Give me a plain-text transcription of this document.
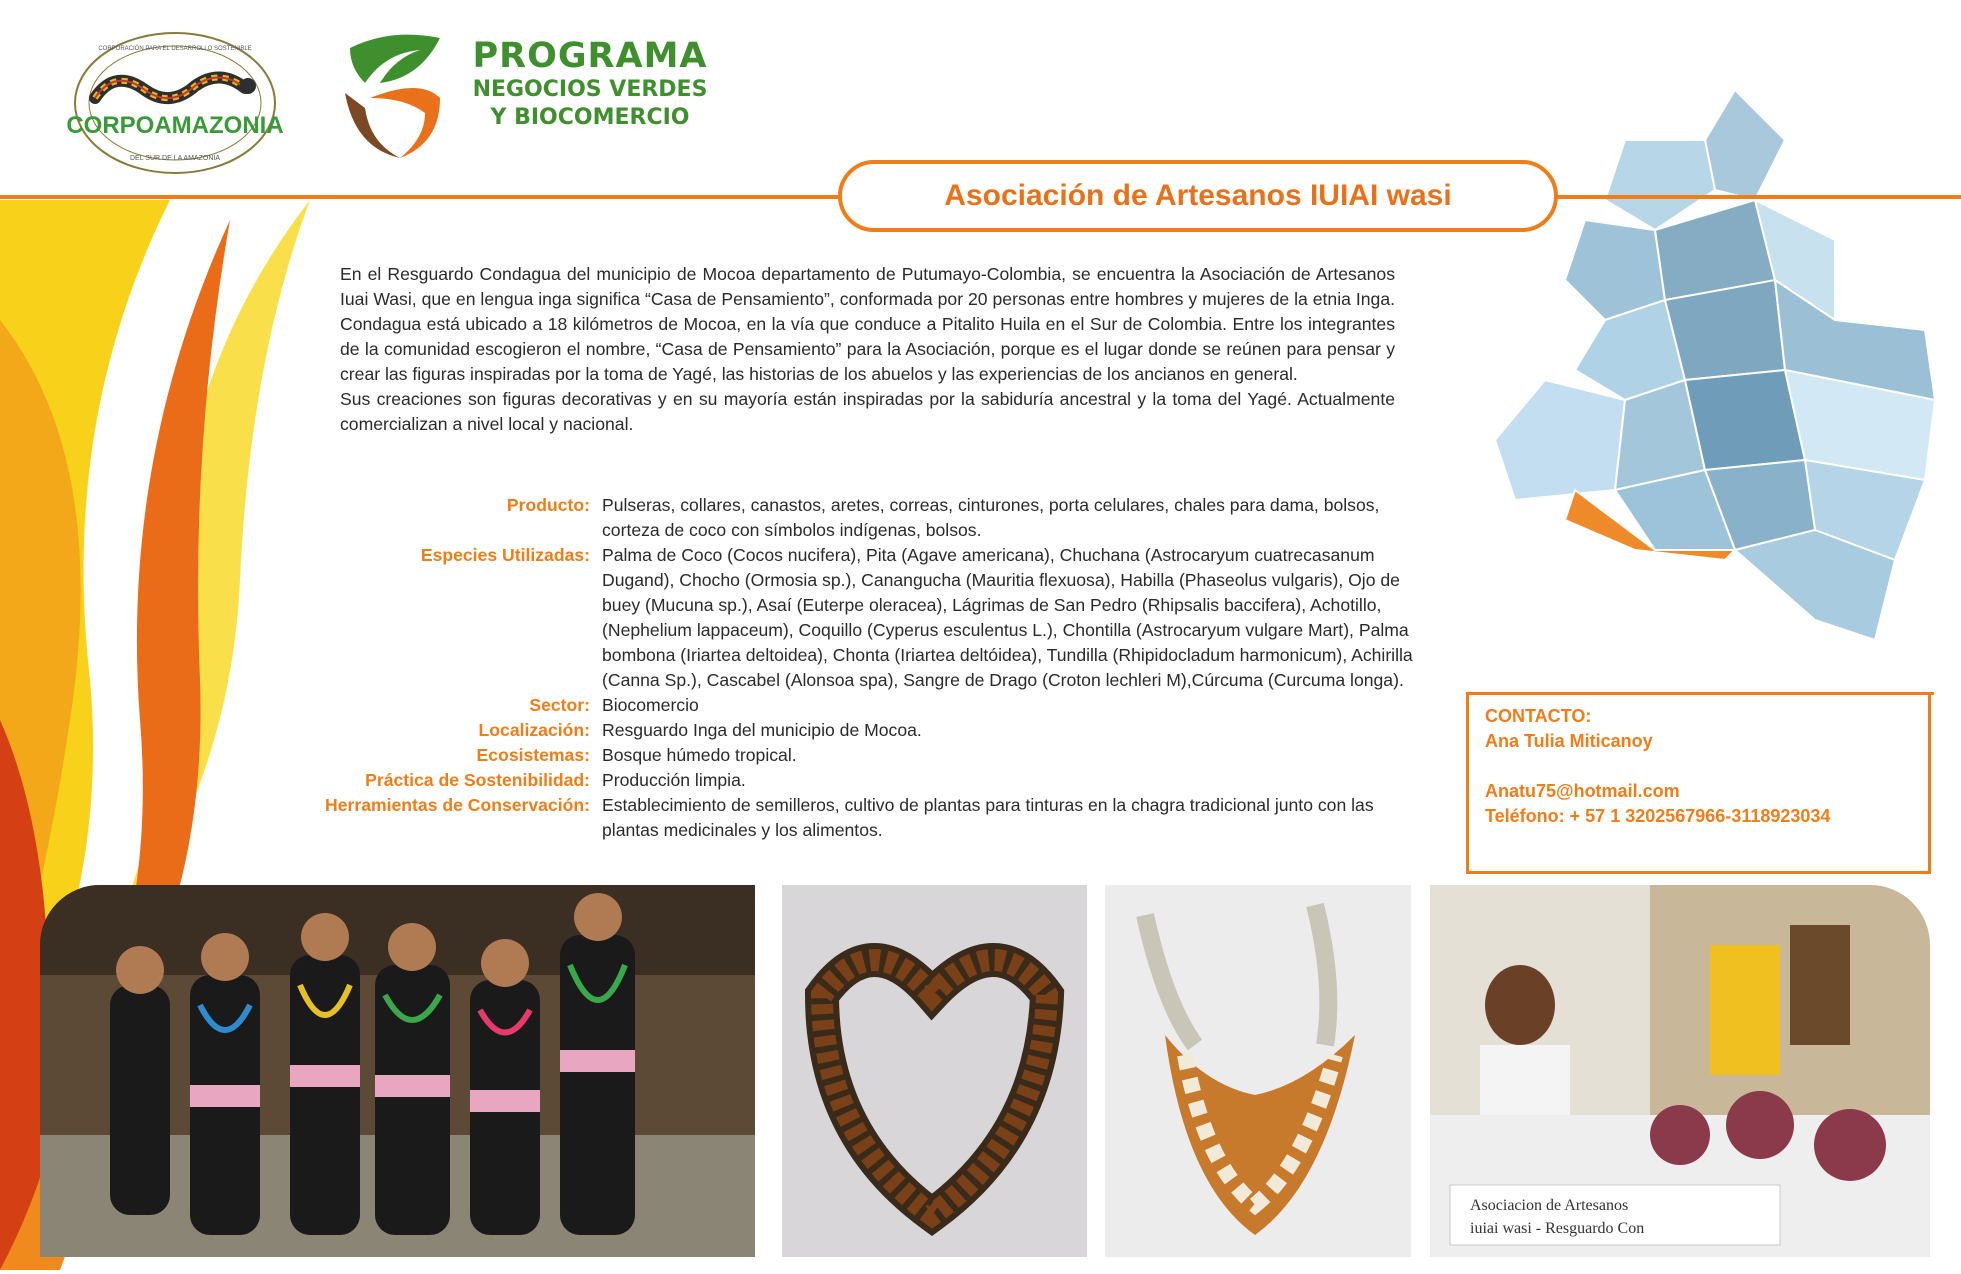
CORPOAMAZONIA
CORPORACIÓN PARA EL DESARROLLO SOSTENIBLE
DEL SUR DE LA AMAZONIA
PROGRAMA
NEGOCIOS VERDES
Y BIOCOMERCIO
Asociación de Artesanos IUIAI wasi

En el Resguardo Condagua del municipio de Mocoa departamento de Putumayo-Colombia, se encuentra la Asociación de Artesanos Iuai Wasi, que en lengua inga significa “Casa de Pensamiento”, conformada por 20 personas entre hombres y mujeres de la etnia Inga. Condagua está ubicado a 18 kilómetros de Mocoa, en la vía que conduce a Pitalito Huila en el Sur de Colombia. Entre los integrantes de la comunidad escogieron el nombre, “Casa de Pensamiento” para la Asociación, porque es el lugar donde se reúnen para pensar y crear las figuras inspiradas por la toma de Yagé, las historias de los abuelos y las experiencias de los ancianos en general.

Sus creaciones son figuras decorativas y en su mayoría están inspiradas por la sabiduría ancestral y la toma del Yagé. Actualmente comercializan a nivel local y nacional.

Producto:	Pulseras, collares, canastos, aretes, correas, cinturones, porta celulares, chales para dama, bolsos, corteza de coco con símbolos indígenas, bolsos.
Especies Utilizadas:	Palma de Coco (Cocos nucifera), Pita (Agave americana), Chuchana (Astrocaryum cuatrecasanum Dugand), Chocho (Ormosia sp.), Canangucha (Mauritia flexuosa), Habilla (Phaseolus vulgaris), Ojo de buey (Mucuna sp.), Asaí (Euterpe oleracea), Lágrimas de San Pedro (Rhipsalis baccifera), Achotillo, (Nephelium lappaceum), Coquillo (Cyperus esculentus L.), Chontilla (Astrocaryum vulgare Mart), Palma bombona (Iriartea deltoidea), Chonta (Iriartea deltóidea), Tundilla (Rhipidocladum harmonicum), Achirilla (Canna Sp.), Cascabel (Alonsoa spa), Sangre de Drago (Croton lechleri M),Cúrcuma (Curcuma longa).
Sector:	Biocomercio
Localización:	Resguardo Inga del municipio de Mocoa.
Ecosistemas:	Bosque húmedo tropical.
Práctica de Sostenibilidad:	Producción limpia.
Herramientas de Conservación:	Establecimiento de semilleros, cultivo de plantas para tinturas en la chagra tradicional junto con las plantas medicinales y los alimentos.
CONTACTO:
Ana Tulia Miticanoy
Anatu75@hotmail.com
Teléfono: + 57 1 3202567966-3118923034
Asociacion de Artesanos
iuiai wasi - Resguardo Con
